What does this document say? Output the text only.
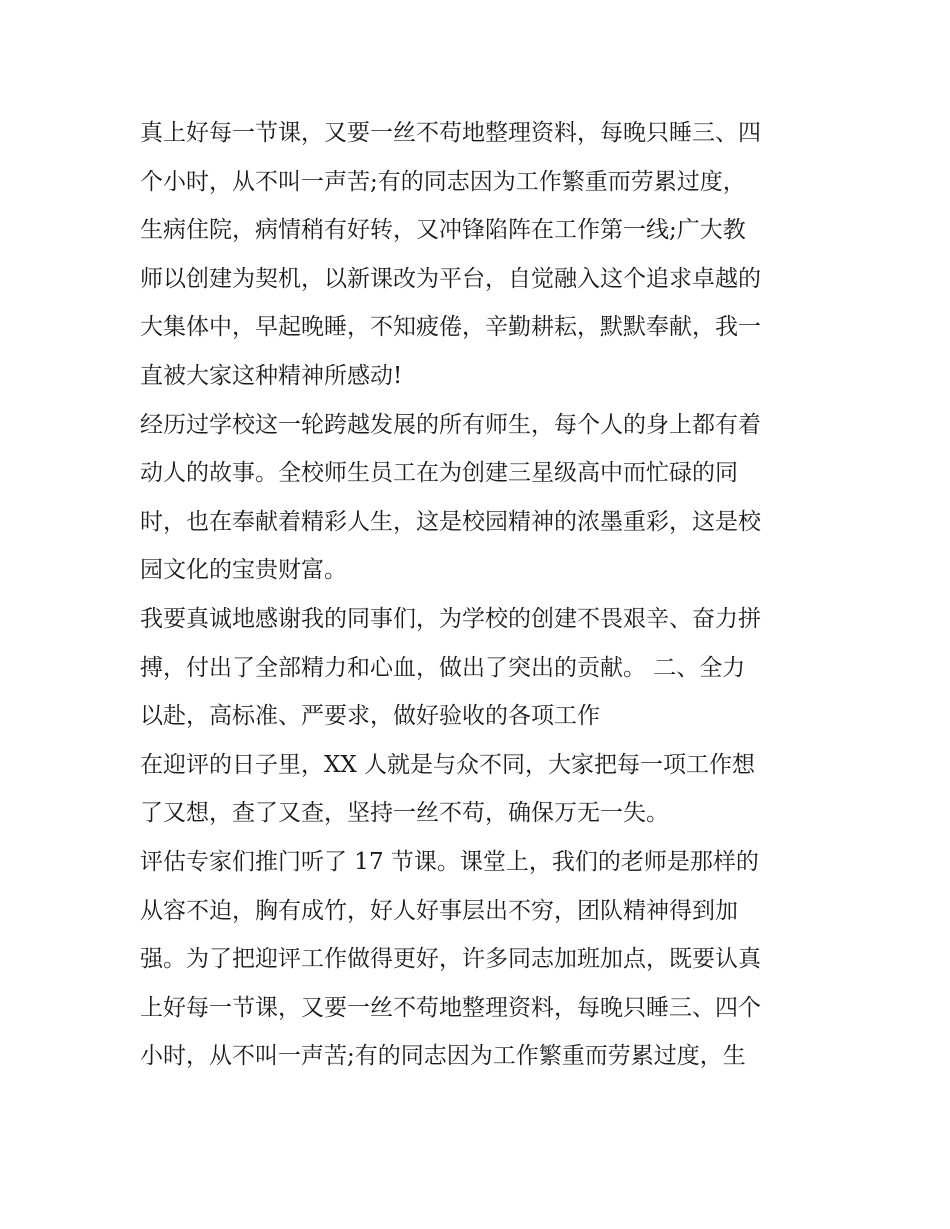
真上好每一节课，又要一丝不苟地整理资料，每晚只睡三、四
个小时，从不叫一声苦;有的同志因为工作繁重而劳累过度，
生病住院，病情稍有好转，又冲锋陷阵在工作第一线;广大教
师以创建为契机，以新课改为平台，自觉融入这个追求卓越的
大集体中，早起晚睡，不知疲倦，辛勤耕耘，默默奉献，我一
直被大家这种精神所感动!
经历过学校这一轮跨越发展的所有师生，每个人的身上都有着
动人的故事。全校师生员工在为创建三星级高中而忙碌的同
时，也在奉献着精彩人生，这是校园精神的浓墨重彩，这是校
园文化的宝贵财富。
我要真诚地感谢我的同事们，为学校的创建不畏艰辛、奋力拼
搏，付出了全部精力和心血，做出了突出的贡献。 二、全力
以赴，高标准、严要求，做好验收的各项工作
在迎评的日子里，XX 人就是与众不同，大家把每一项工作想
了又想，查了又查，坚持一丝不苟，确保万无一失。
评估专家们推门听了 17 节课。课堂上，我们的老师是那样的
从容不迫，胸有成竹，好人好事层出不穷，团队精神得到加
强。为了把迎评工作做得更好，许多同志加班加点，既要认真
上好每一节课，又要一丝不苟地整理资料，每晚只睡三、四个
小时，从不叫一声苦;有的同志因为工作繁重而劳累过度，生
